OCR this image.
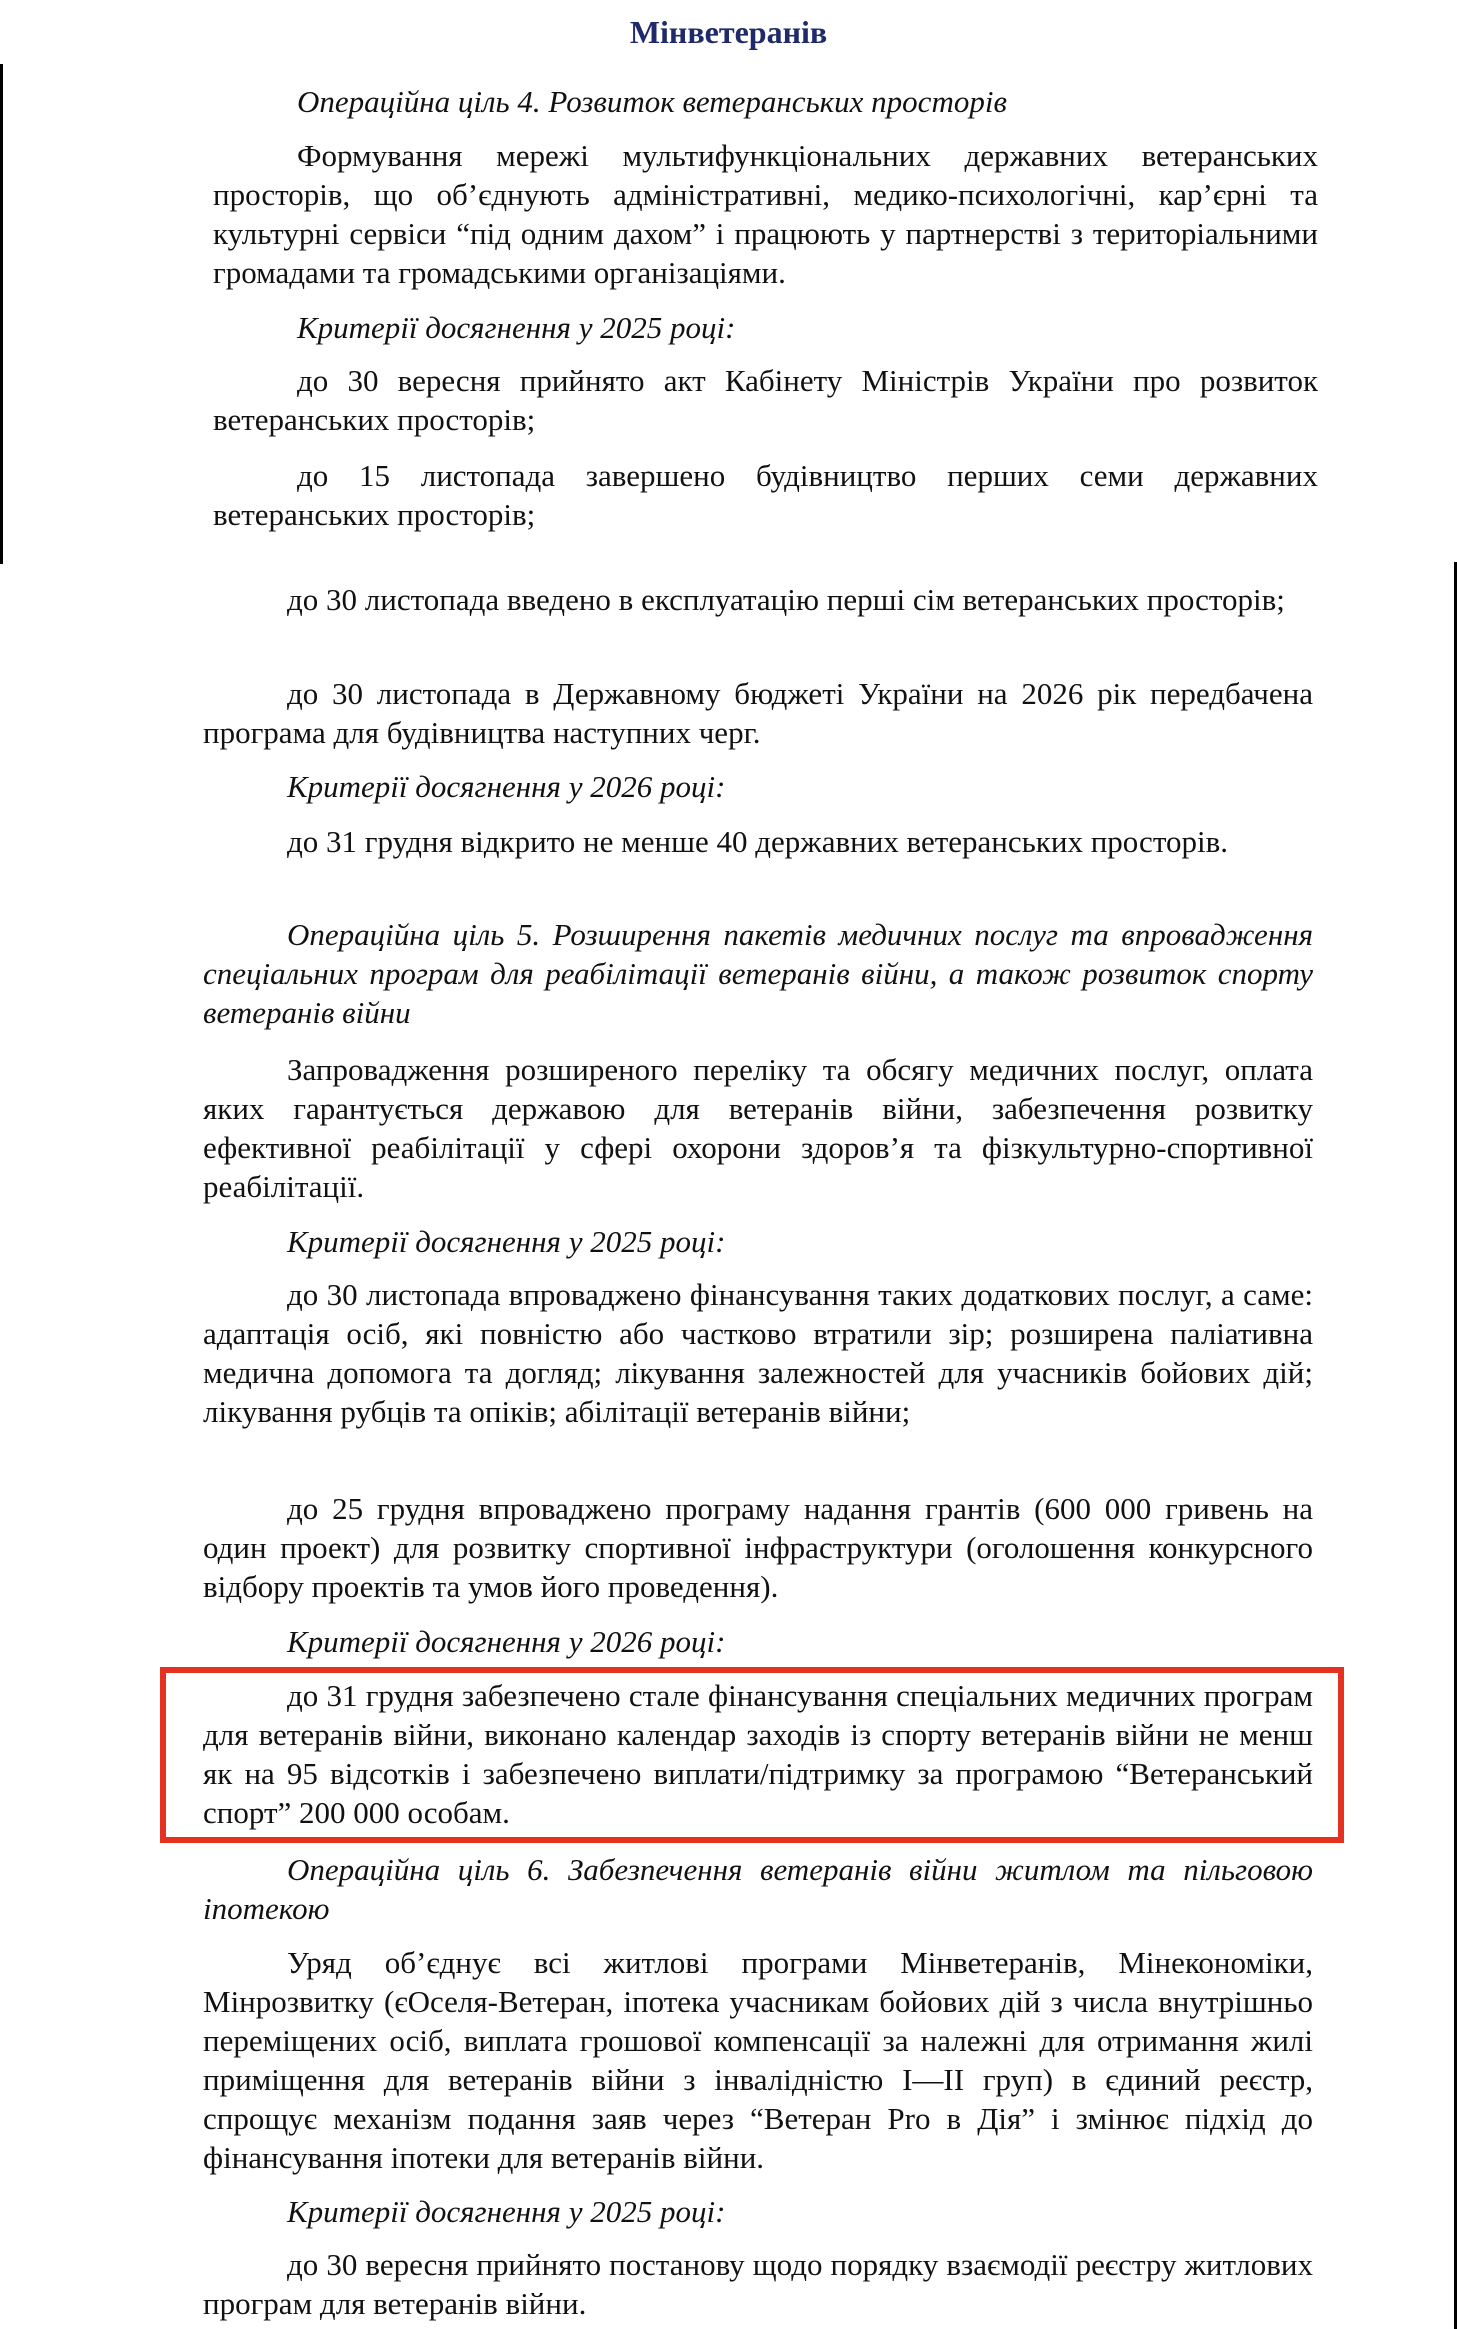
Мінветеранів

Операційна ціль 4. Розвиток ветеранських просторів

Формування мережі мультифункціональних державних ветеранських просторів, що об’єднують адміністративні, медико-психологічні, кар’єрні та культурні сервіси “під одним дахом” і працюють у партнерстві з територіальними громадами та громадськими організаціями.

Критерії досягнення у 2025 році:

до 30 вересня прийнято акт Кабінету Міністрів України про розвиток ветеранських просторів;

до 15 листопада завершено будівництво перших семи державних ветеранських просторів;

до 30 листопада введено в експлуатацію перші сім ветеранських просторів;

до 30 листопада в Державному бюджеті України на 2026 рік передбачена програма для будівництва наступних черг.

Критерії досягнення у 2026 році:

до 31 грудня відкрито не менше 40 державних ветеранських просторів.

Операційна ціль 5. Розширення пакетів медичних послуг та впровадження спеціальних програм для реабілітації ветеранів війни, а також розвиток спорту ветеранів війни

Запровадження розширеного переліку та обсягу медичних послуг, оплата яких гарантується державою для ветеранів війни, забезпечення розвитку ефективної реабілітації у сфері охорони здоров’я та фізкультурно-спортивної реабілітації.

Критерії досягнення у 2025 році:

до 30 листопада впроваджено фінансування таких додаткових послуг, а саме: адаптація осіб, які повністю або частково втратили зір; розширена паліативна медична допомога та догляд; лікування залежностей для учасників бойових дій; лікування рубців та опіків; абілітації ветеранів війни;

до 25 грудня впроваджено програму надання грантів (600 000 гривень на один проект) для розвитку спортивної інфраструктури (оголошення конкурсного відбору проектів та умов його проведення).

Критерії досягнення у 2026 році:

до 31 грудня забезпечено стале фінансування спеціальних медичних програм для ветеранів війни, виконано календар заходів із спорту ветеранів війни не менш як на 95 відсотків і забезпечено виплати/підтримку за програмою “Ветеранський спорт” 200 000 особам.

Операційна ціль 6. Забезпечення ветеранів війни житлом та пільговою іпотекою

Уряд об’єднує всі житлові програми Мінветеранів, Мінекономіки, Мінрозвитку (єОселя-Ветеран, іпотека учасникам бойових дій з числа внутрішньо переміщених осіб, виплата грошової компенсації за належні для отримання жилі приміщення для ветеранів війни з інвалідністю I—II груп) в єдиний реєстр, спрощує механізм подання заяв через “Ветеран Pro в Дія” і змінює підхід до фінансування іпотеки для ветеранів війни.

Критерії досягнення у 2025 році:

до 30 вересня прийнято постанову щодо порядку взаємодії реєстру житлових програм для ветеранів війни.
